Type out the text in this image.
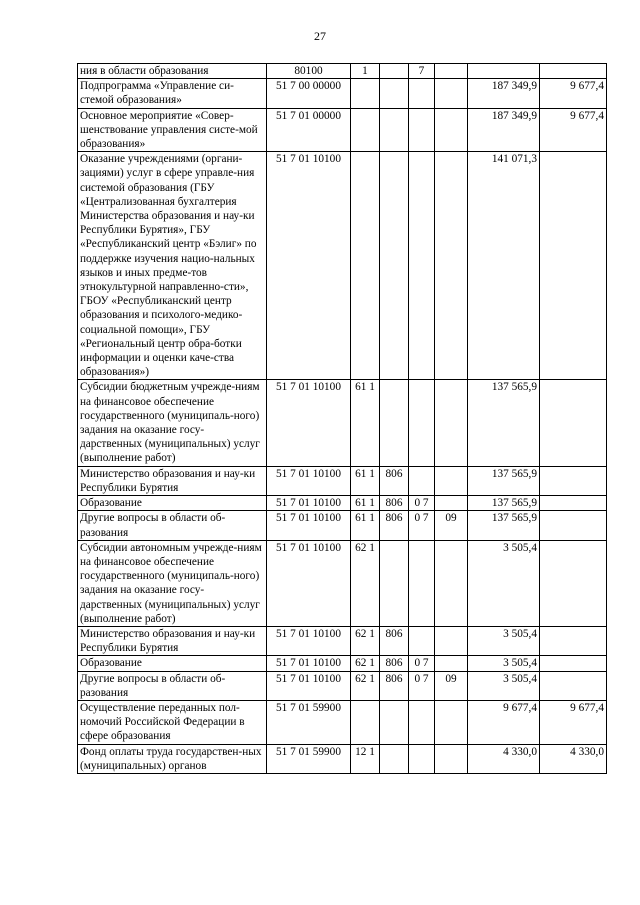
27
ния в области образования	80100	1		7			
Подпрограмма «Управление си-стемой образования»	51 7 00 00000					187 349,9	9 677,4
Основное мероприятие «Совер-шенствование управления систе-мой образования»	51 7 01 00000					187 349,9	9 677,4
Оказание учреждениями (органи-зациями) услуг в сфере управле-ния системой образования (ГБУ «Централизованная бухгалтерия Министерства образования и нау-ки Республики Бурятия», ГБУ «Республиканский центр «Бэлиг» по поддержке изучения нацио-нальных языков и иных предме-тов этнокультурной направленно-сти», ГБОУ «Республиканский центр образования и психолого-медико-социальной помощи», ГБУ «Региональный центр обра-ботки информации и оценки каче-ства образования»)	51 7 01 10100					141 071,3	
Субсидии бюджетным учрежде-ниям на финансовое обеспечение государственного (муниципаль-ного) задания на оказание госу-дарственных (муниципальных) услуг (выполнение работ)	51 7 01 10100	61 1				137 565,9	
Министерство образования и нау-ки Республики Бурятия	51 7 01 10100	61 1	806			137 565,9	
Образование	51 7 01 10100	61 1	806	0 7		137 565,9	
Другие вопросы в области об-разования	51 7 01 10100	61 1	806	0 7	09	137 565,9	
Субсидии автономным учрежде-ниям на финансовое обеспечение государственного (муниципаль-ного) задания на оказание госу-дарственных (муниципальных) услуг (выполнение работ)	51 7 01 10100	62 1				3 505,4	
Министерство образования и нау-ки Республики Бурятия	51 7 01 10100	62 1	806			3 505,4	
Образование	51 7 01 10100	62 1	806	0 7		3 505,4	
Другие вопросы в области об-разования	51 7 01 10100	62 1	806	0 7	09	3 505,4	
Осуществление переданных пол-номочий Российской Федерации в сфере образования	51 7 01 59900					9 677,4	9 677,4
Фонд оплаты труда государствен-ных (муниципальных) органов	51 7 01 59900	12 1				4 330,0	4 330,0
